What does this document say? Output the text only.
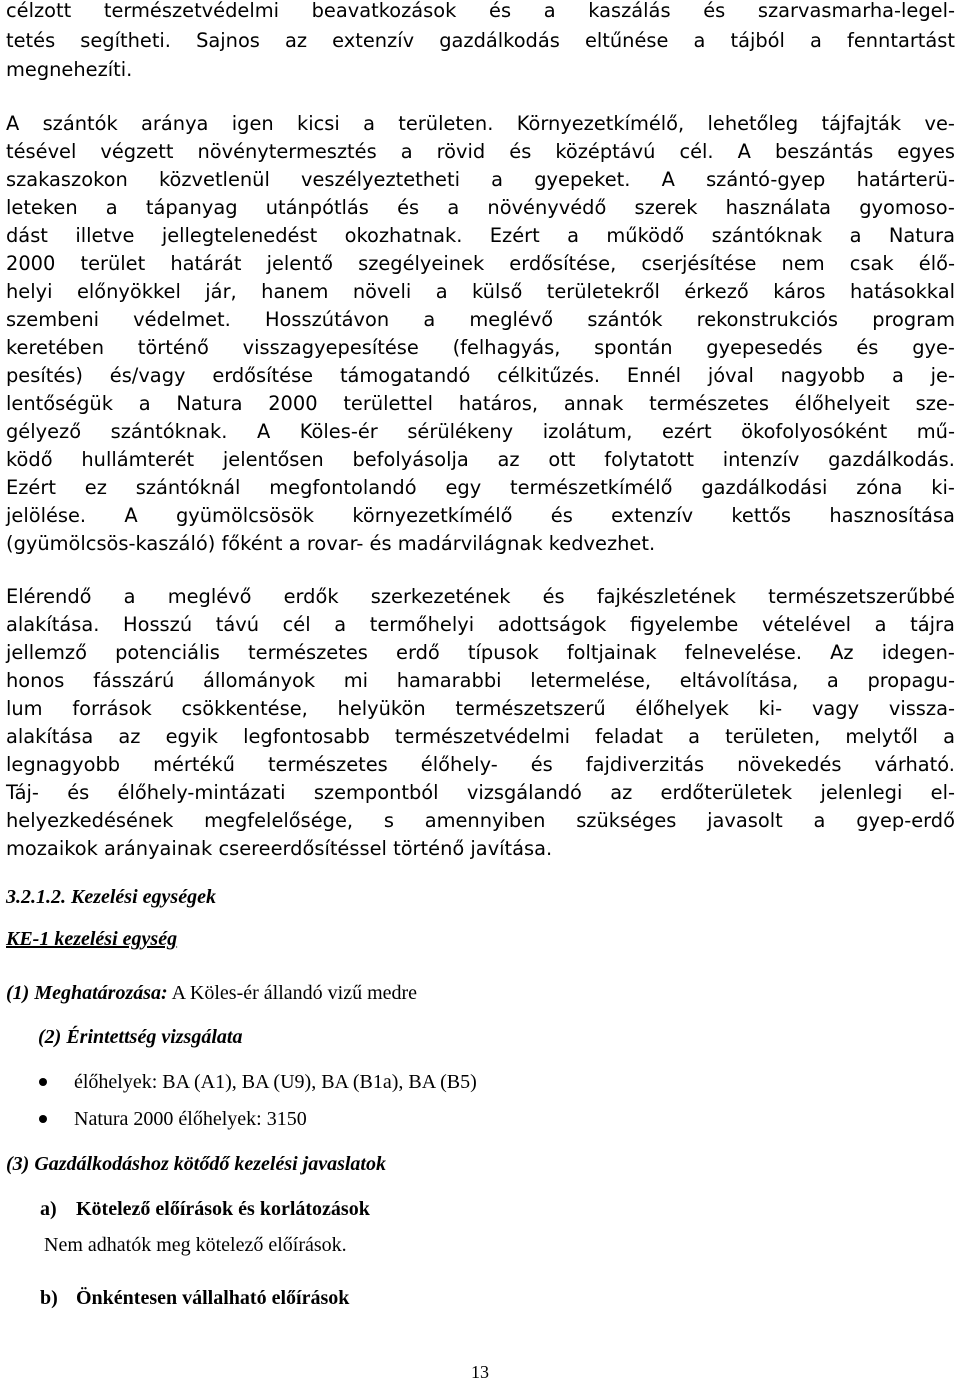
célzott természetvédelmi beavatkozások és a kaszálás és szarvasmarha-legel-
tetés segítheti. Sajnos az extenzív gazdálkodás eltűnése a tájból a fenntartást
megnehezíti.
A szántók aránya igen kicsi a területen. Környezetkímélő, lehetőleg tájfajták ve-
tésével végzett növénytermesztés a rövid és középtávú cél. A beszántás egyes
szakaszokon közvetlenül veszélyeztetheti a gyepeket. A szántó-gyep határterü-
leteken a tápanyag utánpótlás és a növényvédő szerek használata gyomoso-
dást illetve jellegtelenedést okozhatnak. Ezért a működő szántóknak a Natura
2000 terület határát jelentő szegélyeinek erdősítése, cserjésítése nem csak élő-
helyi előnyökkel jár, hanem növeli a külső területekről érkező káros hatásokkal
szembeni védelmet. Hosszútávon a meglévő szántók rekonstrukciós program
keretében történő visszagyepesítése (felhagyás, spontán gyepesedés és gye-
pesítés) és/vagy erdősítése támogatandó célkitűzés. Ennél jóval nagyobb a je-
lentőségük a Natura 2000 területtel határos, annak természetes élőhelyeit sze-
gélyező szántóknak. A Köles-ér sérülékeny izolátum, ezért ökofolyosóként mű-
ködő hullámterét jelentősen befolyásolja az ott folytatott intenzív gazdálkodás.
Ezért ez szántóknál megfontolandó egy természetkímélő gazdálkodási zóna ki-
jelölése. A gyümölcsösök környezetkímélő és extenzív kettős hasznosítása
(gyümölcsös-kaszáló) főként a rovar- és madárvilágnak kedvezhet.
Elérendő a meglévő erdők szerkezetének és fajkészletének természetszerűbbé
alakítása. Hosszú távú cél a termőhelyi adottságok figyelembe vételével a tájra
jellemző potenciális természetes erdő típusok foltjainak felnevelése. Az idegen-
honos fásszárú állományok mi hamarabbi letermelése, eltávolítása, a propagu-
lum források csökkentése, helyükön természetszerű élőhelyek ki- vagy vissza-
alakítása az egyik legfontosabb természetvédelmi feladat a területen, melytől a
legnagyobb mértékű természetes élőhely- és fajdiverzitás növekedés várható.
Táj- és élőhely-mintázati szempontból vizsgálandó az erdőterületek jelenlegi el-
helyezkedésének megfelelősége, s amennyiben szükséges javasolt a gyep-erdő
mozaikok arányainak csereerdősítéssel történő javítása.
3.2.1.2. Kezelési egységek
KE-1 kezelési egység
(1) Meghatározása: A Köles-ér állandó vizű medre
(2) Érintettség vizsgálata
élőhelyek: BA (A1), BA (U9), BA (B1a), BA (B5)
Natura 2000 élőhelyek: 3150
(3) Gazdálkodáshoz kötődő kezelési javaslatok
a) Kötelező előírások és korlátozások
Nem adhatók meg kötelező előírások.
b) Önkéntesen vállalható előírások
13
